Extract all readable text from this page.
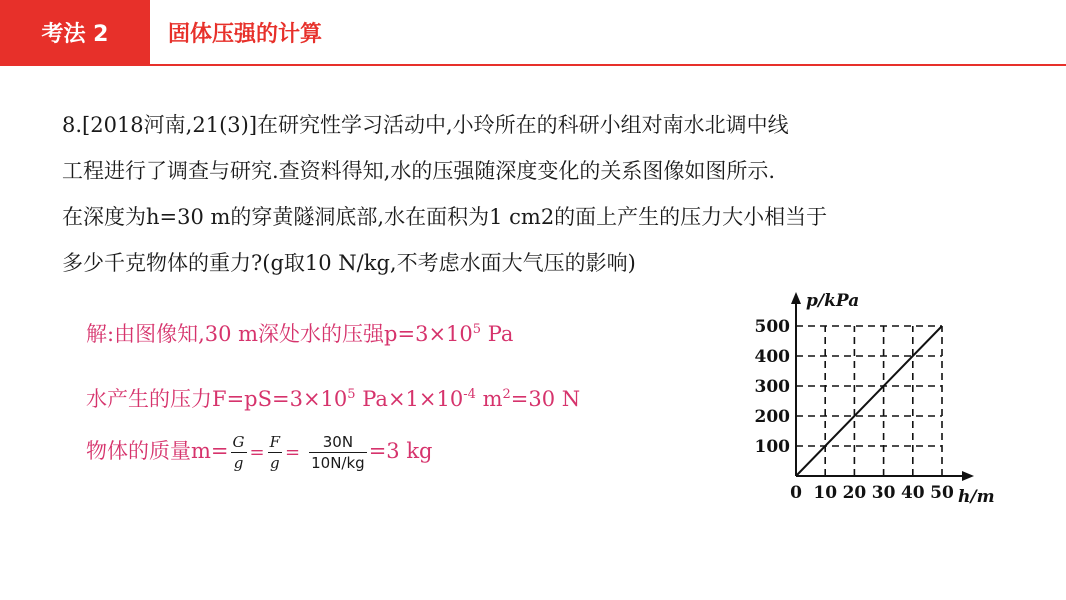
考法 2	固体压强的计算
8.[2018河南,21(3)]在研究性学习活动中,小玲所在的科研小组对南水北调中线
工程进行了调查与研究.查资料得知,水的压强随深度变化的关系图像如图所示.
在深度为h=30 m的穿黄隧洞底部,水在面积为1 cm2的面上产生的压力大小相当于
多少千克物体的重力?(g取10 N/kg,不考虑水面大气压的影响)
解:由图像知,30 m深处水的压强$p=3\times 10^5$ Pa
水产生的压力$F=pS=3\times 10^5$ $Pa\times 1\times 10^{-4}$ $m^2=30$ N
物体的质量$m= \frac{G}{g} = \frac{F}{g} = \frac{30N}{10N/kg} =3$ kg
0 10 20 30 40 50
100
200
300
400
500
p/kPa
h/m
